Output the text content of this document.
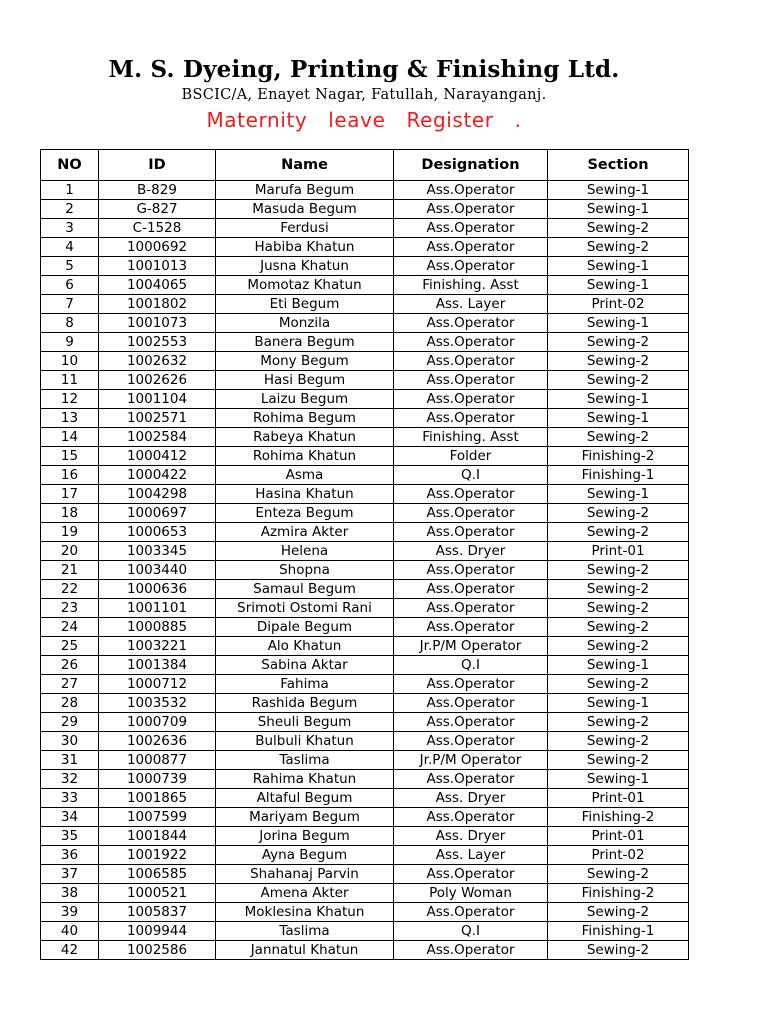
M. S. Dyeing, Printing & Finishing Ltd.
BSCIC/A, Enayet Nagar, Fatullah, Narayanganj.
Maternity leave Register .
NO	ID	Name	Designation	Section
1	B-829	Marufa Begum	Ass.Operator	Sewing-1
2	G-827	Masuda Begum	Ass.Operator	Sewing-1
3	C-1528	Ferdusi	Ass.Operator	Sewing-2
4	1000692	Habiba Khatun	Ass.Operator	Sewing-2
5	1001013	Jusna Khatun	Ass.Operator	Sewing-1
6	1004065	Momotaz Khatun	Finishing. Asst	Sewing-1
7	1001802	Eti Begum	Ass. Layer	Print-02
8	1001073	Monzila	Ass.Operator	Sewing-1
9	1002553	Banera Begum	Ass.Operator	Sewing-2
10	1002632	Mony Begum	Ass.Operator	Sewing-2
11	1002626	Hasi Begum	Ass.Operator	Sewing-2
12	1001104	Laizu Begum	Ass.Operator	Sewing-1
13	1002571	Rohima Begum	Ass.Operator	Sewing-1
14	1002584	Rabeya Khatun	Finishing. Asst	Sewing-2
15	1000412	Rohima Khatun	Folder	Finishing-2
16	1000422	Asma	Q.I	Finishing-1
17	1004298	Hasina Khatun	Ass.Operator	Sewing-1
18	1000697	Enteza Begum	Ass.Operator	Sewing-2
19	1000653	Azmira Akter	Ass.Operator	Sewing-2
20	1003345	Helena	Ass. Dryer	Print-01
21	1003440	Shopna	Ass.Operator	Sewing-2
22	1000636	Samaul Begum	Ass.Operator	Sewing-2
23	1001101	Srimoti Ostomi Rani	Ass.Operator	Sewing-2
24	1000885	Dipale Begum	Ass.Operator	Sewing-2
25	1003221	Alo Khatun	Jr.P/M Operator	Sewing-2
26	1001384	Sabina Aktar	Q.I	Sewing-1
27	1000712	Fahima	Ass.Operator	Sewing-2
28	1003532	Rashida Begum	Ass.Operator	Sewing-1
29	1000709	Sheuli Begum	Ass.Operator	Sewing-2
30	1002636	Bulbuli Khatun	Ass.Operator	Sewing-2
31	1000877	Taslima	Jr.P/M Operator	Sewing-2
32	1000739	Rahima Khatun	Ass.Operator	Sewing-1
33	1001865	Altaful Begum	Ass. Dryer	Print-01
34	1007599	Mariyam Begum	Ass.Operator	Finishing-2
35	1001844	Jorina Begum	Ass. Dryer	Print-01
36	1001922	Ayna Begum	Ass. Layer	Print-02
37	1006585	Shahanaj Parvin	Ass.Operator	Sewing-2
38	1000521	Amena Akter	Poly Woman	Finishing-2
39	1005837	Moklesina Khatun	Ass.Operator	Sewing-2
40	1009944	Taslima	Q.I	Finishing-1
42	1002586	Jannatul Khatun	Ass.Operator	Sewing-2
